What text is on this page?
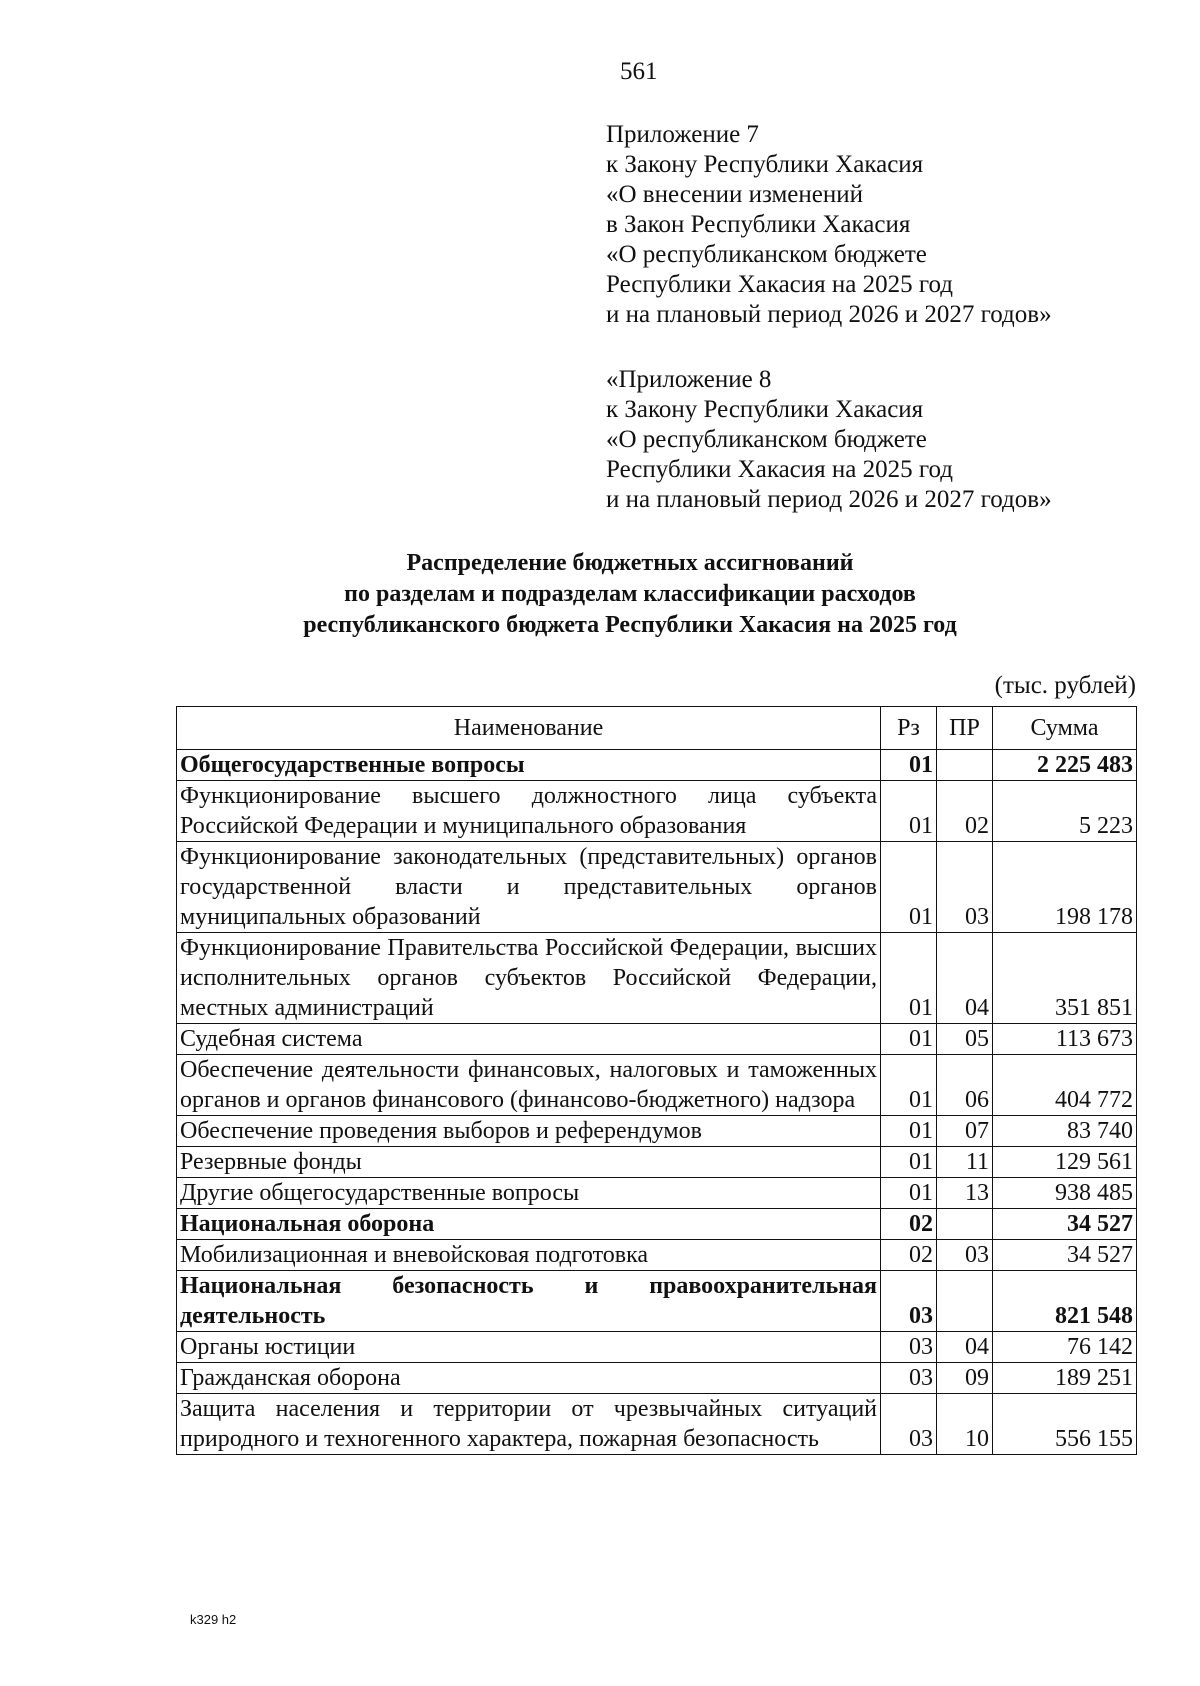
561
Приложение 7
к Закону Республики Хакасия
«О внесении изменений
в Закон Республики Хакасия
«О республиканском бюджете
Республики Хакасия на 2025 год
и на плановый период 2026 и 2027 годов»
«Приложение 8
к Закону Республики Хакасия
«О республиканском бюджете
Республики Хакасия на 2025 год
и на плановый период 2026 и 2027 годов»
Распределение бюджетных ассигнований
по разделам и подразделам классификации расходов
республиканского бюджета Республики Хакасия на 2025 год
(тыс. рублей)
Наименование	Рз	ПР	Сумма
Общегосударственные вопросы	01		2 225 483
Функционирование высшего должностного лица субъекта Российской Федерации и муниципального образования	01	02	5 223
Функционирование законодательных (представительных) органов государственной власти и представительных органов муниципальных образований	01	03	198 178
Функционирование Правительства Российской Федерации, высших исполнительных органов субъектов Российской Федерации, местных администраций	01	04	351 851
Судебная система	01	05	113 673
Обеспечение деятельности финансовых, налоговых и таможенных органов и органов финансового (финансово-бюджетного) надзора	01	06	404 772
Обеспечение проведения выборов и референдумов	01	07	83 740
Резервные фонды	01	11	129 561
Другие общегосударственные вопросы	01	13	938 485
Национальная оборона	02		34 527
Мобилизационная и вневойсковая подготовка	02	03	34 527
Национальная безопасность и правоохранительная деятельность	03		821 548
Органы юстиции	03	04	76 142
Гражданская оборона	03	09	189 251
Защита населения и территории от чрезвычайных ситуаций природного и техногенного характера, пожарная безопасность	03	10	556 155
k329 h2
